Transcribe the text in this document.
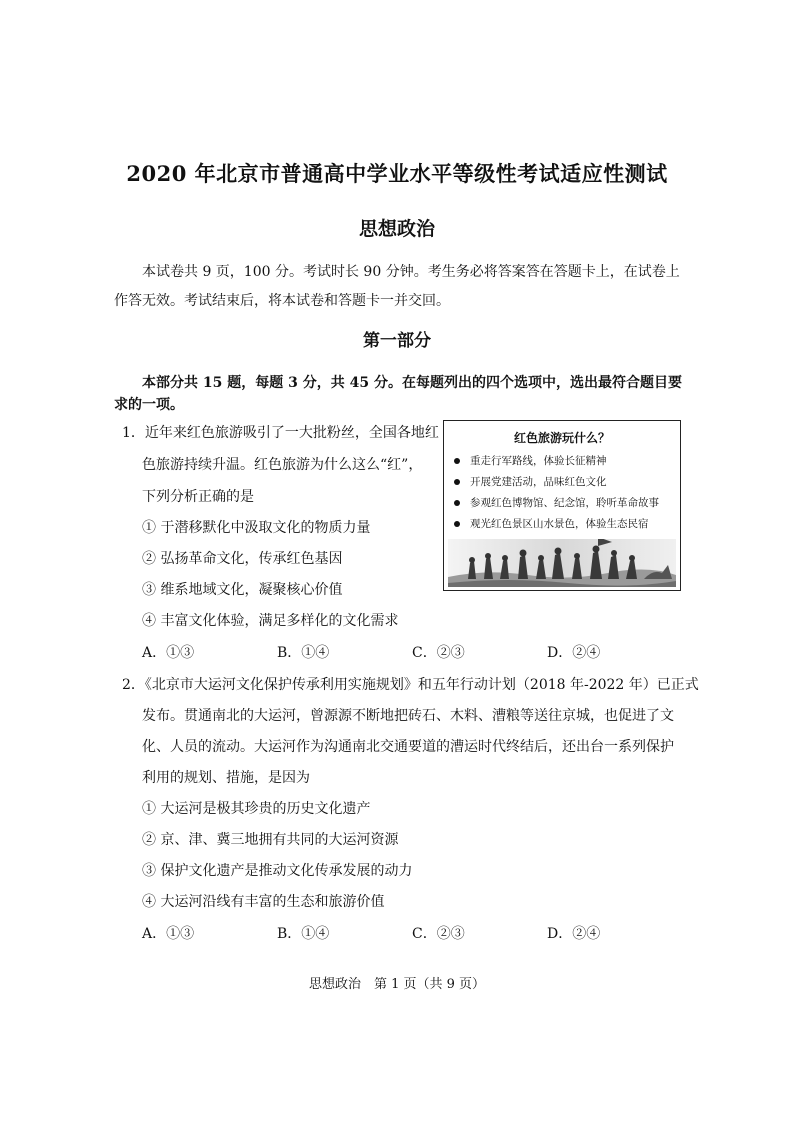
2020 年北京市普通高中学业水平等级性考试适应性测试
思想政治
本试卷共 9 页，100 分。考试时长 90 分钟。考生务必将答案答在答题卡上，在试卷上作答无效。考试结束后，将本试卷和答题卡一并交回。
第一部分
本部分共 15 题，每题 3 分，共 45 分。在每题列出的四个选项中，选出最符合题目要求的一项。
1．近年来红色旅游吸引了一大批粉丝，全国各地红
色旅游持续升温。红色旅游为什么这么“红”，
下列分析正确的是
① 于潜移默化中汲取文化的物质力量
② 弘扬革命文化，传承红色基因
③ 维系地域文化，凝聚核心价值
④ 丰富文化体验，满足多样化的文化需求
A．①③	B．①④	C．②③	D．②④
红色旅游玩什么？
重走行军路线，体验长征精神
开展党建活动，品味红色文化
参观红色博物馆、纪念馆，聆听革命故事
观光红色景区山水景色，体验生态民宿
2．《北京市大运河文化保护传承利用实施规划》和五年行动计划（2018 年-2022 年）已正式
发布。贯通南北的大运河，曾源源不断地把砖石、木料、漕粮等送往京城，也促进了文
化、人员的流动。大运河作为沟通南北交通要道的漕运时代终结后，还出台一系列保护
利用的规划、措施，是因为
① 大运河是极其珍贵的历史文化遗产
② 京、津、冀三地拥有共同的大运河资源
③ 保护文化遗产是推动文化传承发展的动力
④ 大运河沿线有丰富的生态和旅游价值
A．①③	B．①④	C．②③	D．②④
思想政治　第 1 页（共 9 页）
